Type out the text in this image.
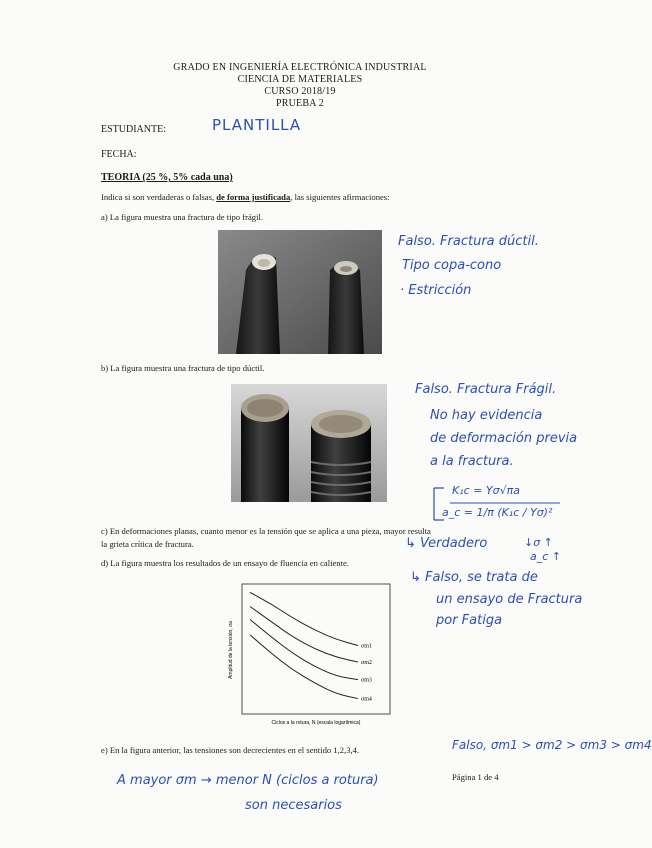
GRADO EN INGENIERÍA ELECTRÓNICA INDUSTRIAL
CIENCIA DE MATERIALES
CURSO 2018/19
PRUEBA 2
ESTUDIANTE:	PLANTILLA
FECHA:
TEORIA (25 %, 5% cada una)
Indica si son verdaderas o falsas, de forma justificada, las siguientes afirmaciones:
a) La figura muestra una fractura de tipo frágil.
Falso. Fractura dúctil.
Tipo copa-cono
· Estricción
b) La figura muestra una fractura de tipo dúctil.
Falso. Fractura Frágil.
No hay evidencia
de deformación previa
a la fractura.
K₁c = Yσ√πa
a_c = 1/π (K₁c / Yσ)²
↓σ ↑
a_c ↑
c) En deformaciones planas, cuanto menor es la tensión que se aplica a una pieza, mayor resulta
la grieta crítica de fractura.	↳ Verdadero
d) La figura muestra los resultados de un ensayo de fluencia en caliente.
↳ Falso, se trata de
un ensayo de Fractura
por Fatiga
Amplitud de la tensión, σa
Ciclos a la rotura, N (escala logarítmica)
σm1
σm2
σm3
σm4
e) En la figura anterior, las tensiones son decrecientes en el sentido 1,2,3,4.	Falso, σm1 > σm2 > σm3 > σm4
A mayor σm → menor N (ciclos a rotura)
son necesarios
Página 1 de 4
